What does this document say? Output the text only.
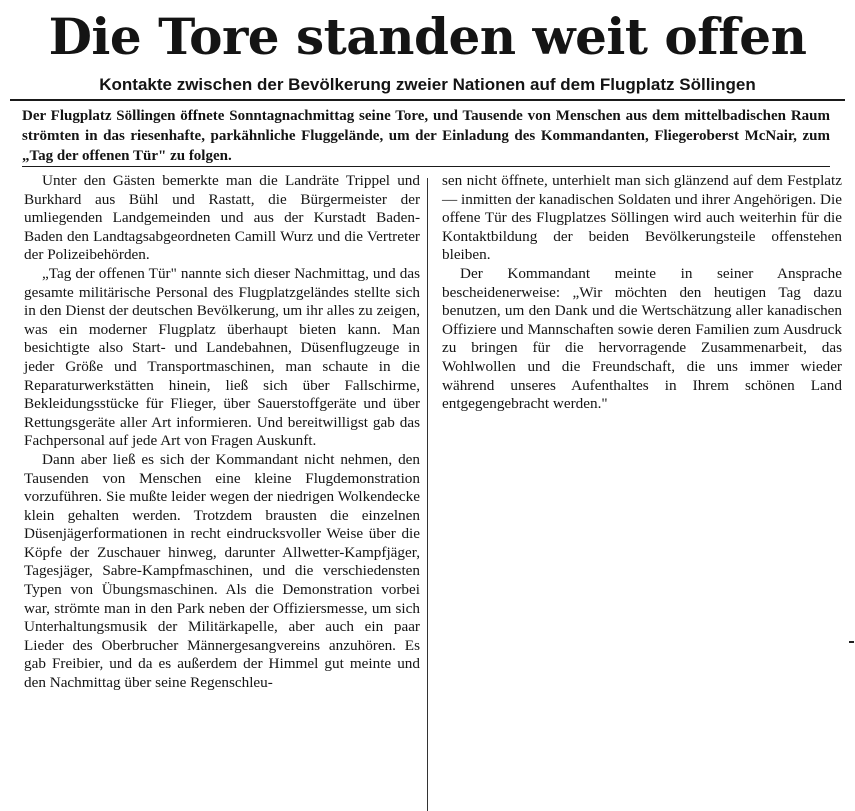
Die Tore standen weit offen
Kontakte zwischen der Bevölkerung zweier Nationen auf dem Flugplatz Söllingen

Der Flugplatz Söllingen öffnete Sonntagnachmittag seine Tore, und Tausende von Menschen aus dem mittelbadischen Raum strömten in das riesenhafte, parkähnliche Fluggelände, um der Einladung des Kommandanten, Fliegeroberst McNair, zum „Tag der offenen Tür" zu folgen.

Unter den Gästen bemerkte man die Landräte Trippel und Burkhard aus Bühl und Rastatt, die Bürgermeister der umliegenden Landgemeinden und aus der Kurstadt Baden-Baden den Landtagsabgeordneten Camill Wurz und die Vertreter der Polizeibehörden.

„Tag der offenen Tür" nannte sich dieser Nachmittag, und das gesamte militärische Personal des Flugplatzgeländes stellte sich in den Dienst der deutschen Bevölkerung, um ihr alles zu zeigen, was ein moderner Flugplatz überhaupt bieten kann. Man besichtigte also Start- und Landebahnen, Düsenflugzeuge in jeder Größe und Transportmaschinen, man schaute in die Reparaturwerkstätten hinein, ließ sich über Fallschirme, Bekleidungsstücke für Flieger, über Sauerstoffgeräte und über Rettungsgeräte aller Art informieren. Und bereitwilligst gab das Fachpersonal auf jede Art von Fragen Auskunft.

Dann aber ließ es sich der Kommandant nicht nehmen, den Tausenden von Menschen eine kleine Flugdemonstration vorzuführen. Sie mußte leider wegen der niedrigen Wolkendecke klein gehalten werden. Trotzdem brausten die einzelnen Düsenjägerformationen in recht eindrucksvoller Weise über die Köpfe der Zuschauer hinweg, darunter Allwetter-Kampfjäger, Tagesjäger, Sabre-Kampfmaschinen, und die verschiedensten Typen von Übungsmaschinen. Als die Demonstration vorbei war, strömte man in den Park neben der Offiziersmesse, um sich Unterhaltungsmusik der Militärkapelle, aber auch ein paar Lieder des Oberbrucher Männergesangvereins anzuhören. Es gab Freibier, und da es außerdem der Himmel gut meinte und den Nachmittag über seine Regenschleu-

sen nicht öffnete, unterhielt man sich glänzend auf dem Festplatz — inmitten der kanadischen Soldaten und ihrer Angehörigen. Die offene Tür des Flugplatzes Söllingen wird auch weiterhin für die Kontaktbildung der beiden Bevölkerungsteile offenstehen bleiben.

Der Kommandant meinte in seiner Ansprache bescheidenerweise: „Wir möchten den heutigen Tag dazu benutzen, um den Dank und die Wertschätzung aller kanadischen Offiziere und Mannschaften sowie deren Familien zum Ausdruck zu bringen für die hervorragende Zusammenarbeit, das Wohlwollen und die Freundschaft, die uns immer wieder während unseres Aufenthaltes in Ihrem schönen Land entgegengebracht werden."
